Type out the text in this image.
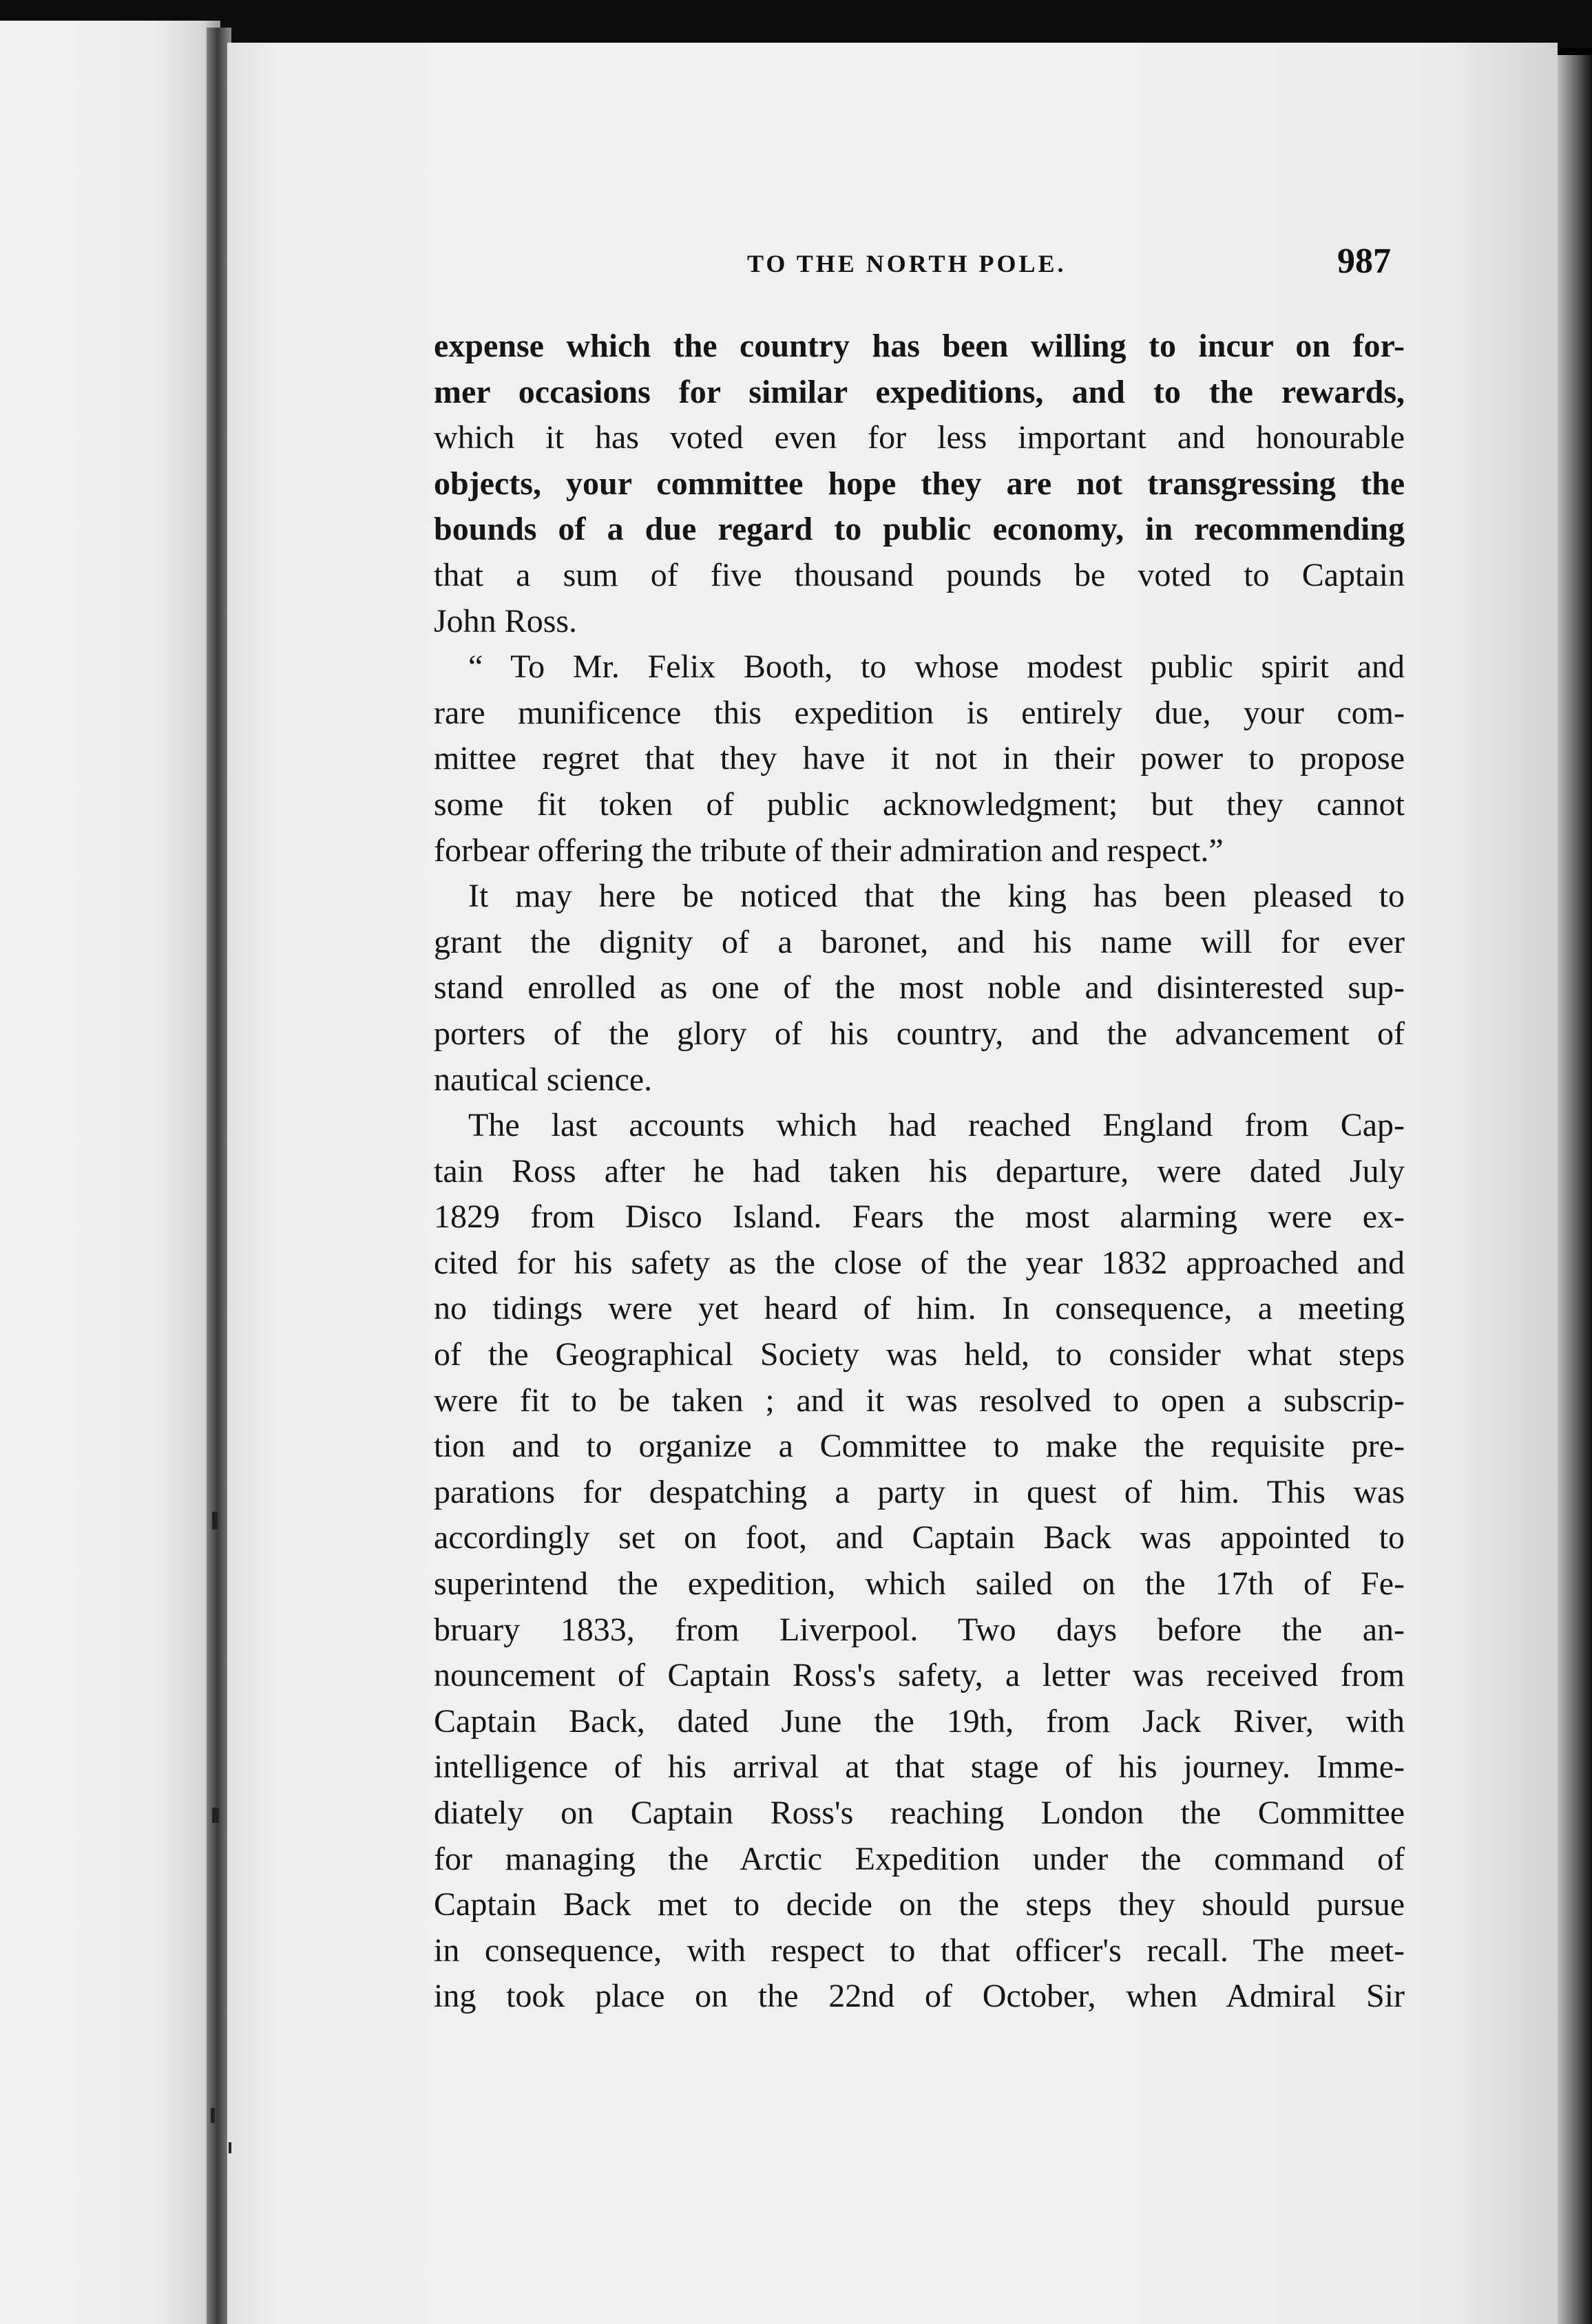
TO THE NORTH POLE.	987
expense which the country has been willing to incur on for-
mer occasions for similar expeditions, and to the rewards,
which it has voted even for less important and honourable
objects, your committee hope they are not transgressing the
bounds of a due regard to public economy, in recommending
that a sum of five thousand pounds be voted to Captain
John Ross.
“ To Mr. Felix Booth, to whose modest public spirit and
rare munificence this expedition is entirely due, your com-
mittee regret that they have it not in their power to propose
some fit token of public acknowledgment; but they cannot
forbear offering the tribute of their admiration and respect.”
It may here be noticed that the king has been pleased to
grant the dignity of a baronet, and his name will for ever
stand enrolled as one of the most noble and disinterested sup-
porters of the glory of his country, and the advancement of
nautical science.
The last accounts which had reached England from Cap-
tain Ross after he had taken his departure, were dated July
1829 from Disco Island. Fears the most alarming were ex-
cited for his safety as the close of the year 1832 approached and
no tidings were yet heard of him. In consequence, a meeting
of the Geographical Society was held, to consider what steps
were fit to be taken ; and it was resolved to open a subscrip-
tion and to organize a Committee to make the requisite pre-
parations for despatching a party in quest of him. This was
accordingly set on foot, and Captain Back was appointed to
superintend the expedition, which sailed on the 17th of Fe-
bruary 1833, from Liverpool. Two days before the an-
nouncement of Captain Ross's safety, a letter was received from
Captain Back, dated June the 19th, from Jack River, with
intelligence of his arrival at that stage of his journey. Imme-
diately on Captain Ross's reaching London the Committee
for managing the Arctic Expedition under the command of
Captain Back met to decide on the steps they should pursue
in consequence, with respect to that officer's recall. The meet-
ing took place on the 22nd of October, when Admiral Sir
